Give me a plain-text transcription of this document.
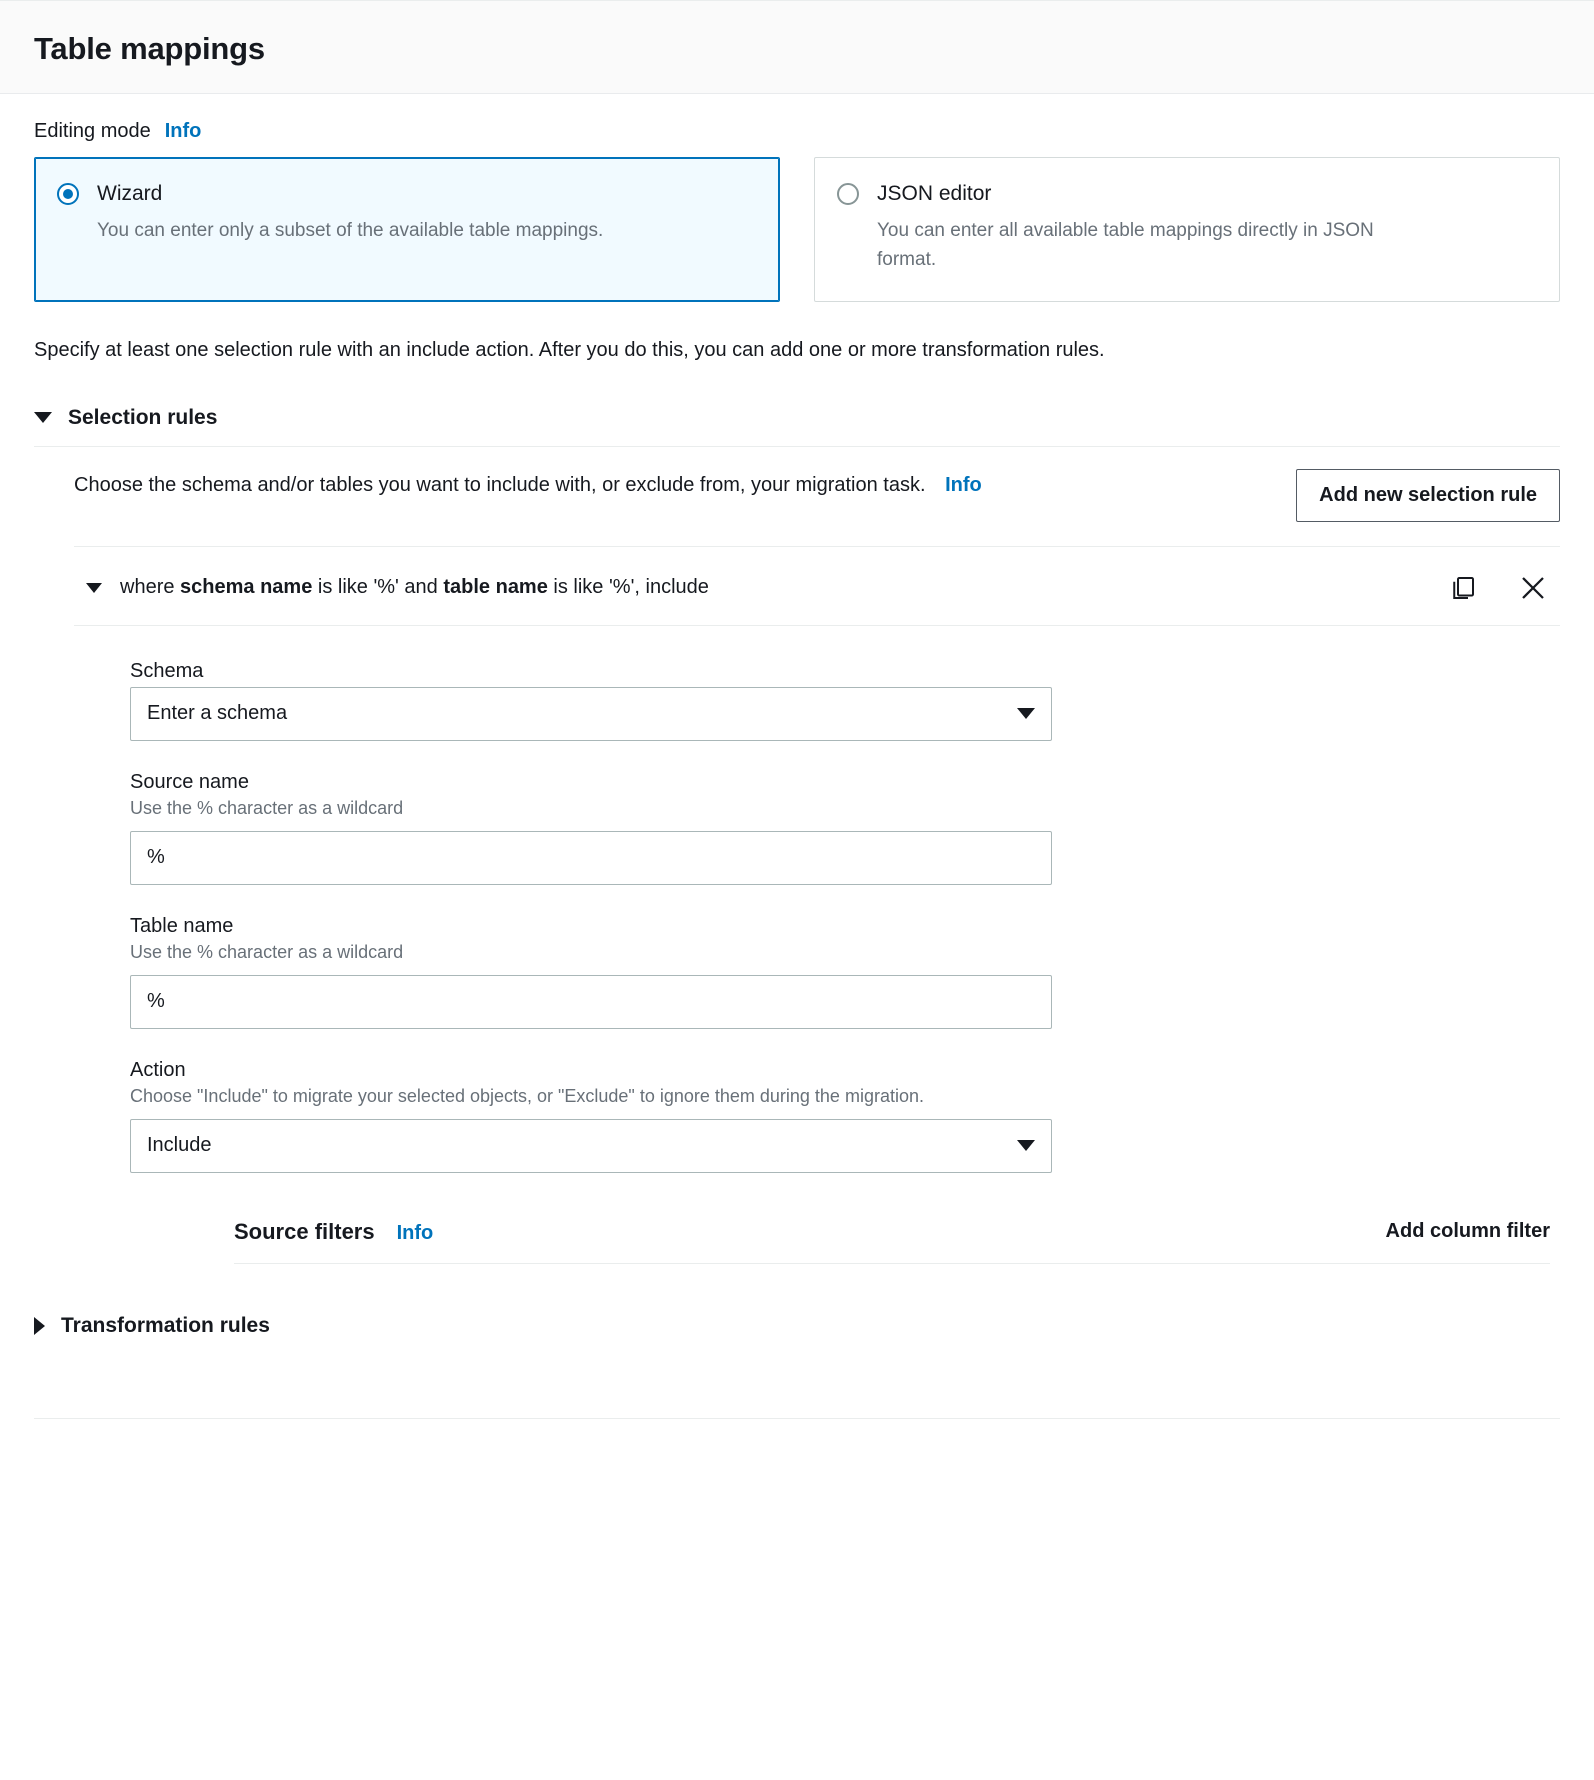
Table mappings
Editing mode Info
Wizard
You can enter only a subset of the available table mappings.
JSON editor
You can enter all available table mappings directly in JSON format.

Specify at least one selection rule with an include action. After you do this, you can add one or more transformation rules.

Selection rules
Choose the schema and/or tables you want to include with, or exclude from, your migration task. Info	Add new selection rule
where schema name is like '%' and table name is like '%', include
Schema
Enter a schema
Source name
Use the % character as a wildcard
%
Table name
Use the % character as a wildcard
%
Action
Choose "Include" to migrate your selected objects, or "Exclude" to ignore them during the migration.
Include
Source filters Info	Add column filter
Transformation rules
